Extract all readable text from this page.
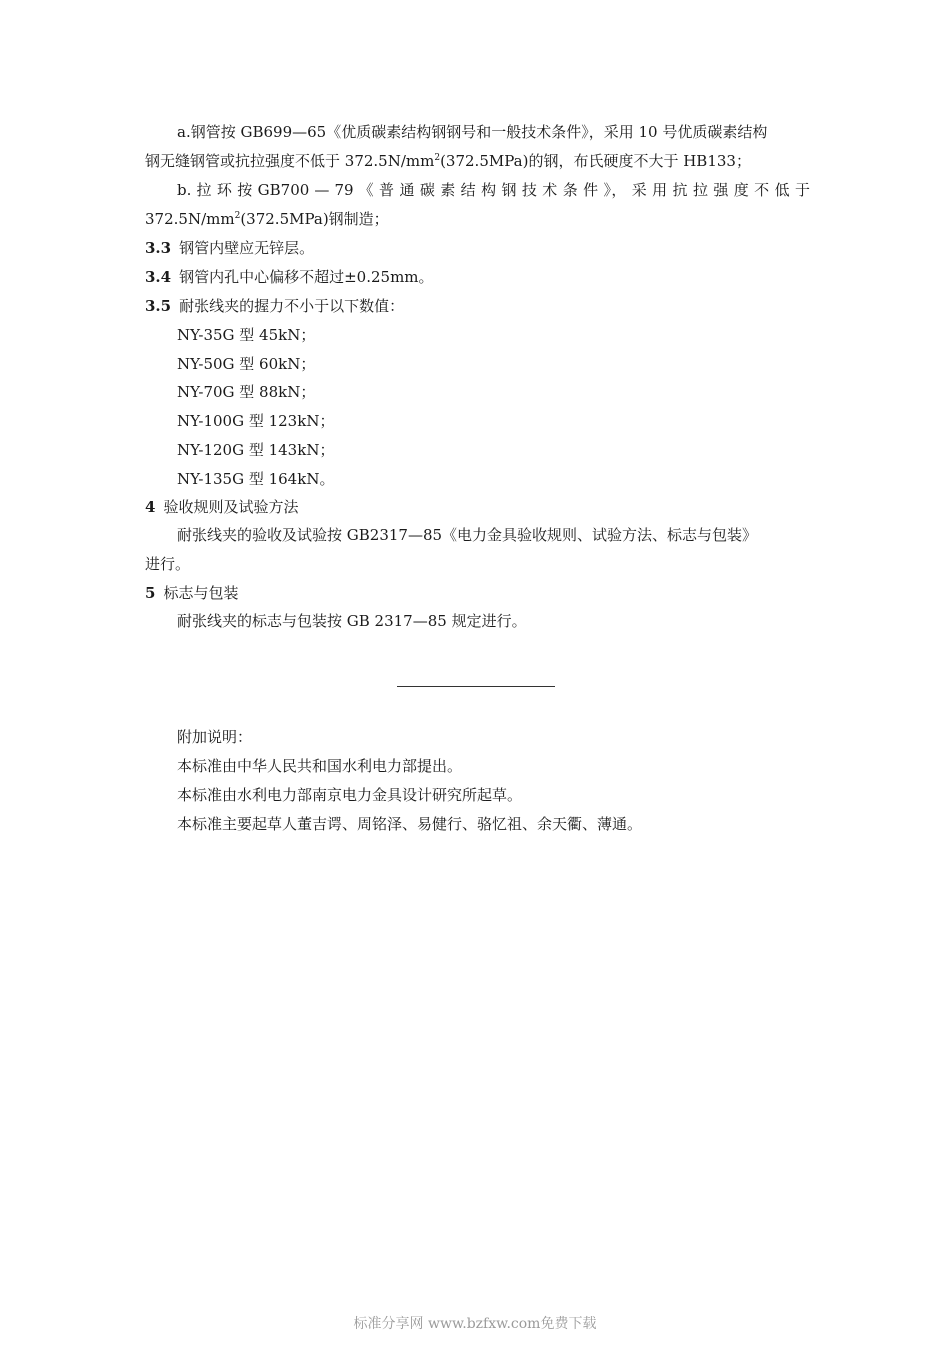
a.钢管按 GB699—65《优质碳素结构钢钢号和一般技术条件》，采用 10 号优质碳素结构
钢无缝钢管或抗拉强度不低于 $372.5N/mm^2(372.5MPa)$的钢，布氏硬度不大于 HB133；
b. 拉 环 按 GB700 — 79 《 普 通 碳 素 结 构 钢 技 术 条 件 》， 采 用 抗 拉 强 度 不 低 于
$372.5N/mm^2(372.5MPa)$钢制造；
3.3 钢管内壁应无锌层。
3.4 钢管内孔中心偏移不超过±0.25mm。
3.5 耐张线夹的握力不小于以下数值：
NY-35G 型 45kN；
NY-50G 型 60kN；
NY-70G 型 88kN；
NY-100G 型 123kN；
NY-120G 型 143kN；
NY-135G 型 164kN。
4 验收规则及试验方法
耐张线夹的验收及试验按 GB2317—85《电力金具验收规则、试验方法、标志与包装》
进行。
5 标志与包装
耐张线夹的标志与包装按 GB 2317—85 规定进行。
附加说明：
本标准由中华人民共和国水利电力部提出。
本标准由水利电力部南京电力金具设计研究所起草。
本标准主要起草人董吉谔、周铭泽、易健行、骆忆祖、余天衢、薄通。
标准分享网 www.bzfxw.com免费下载
